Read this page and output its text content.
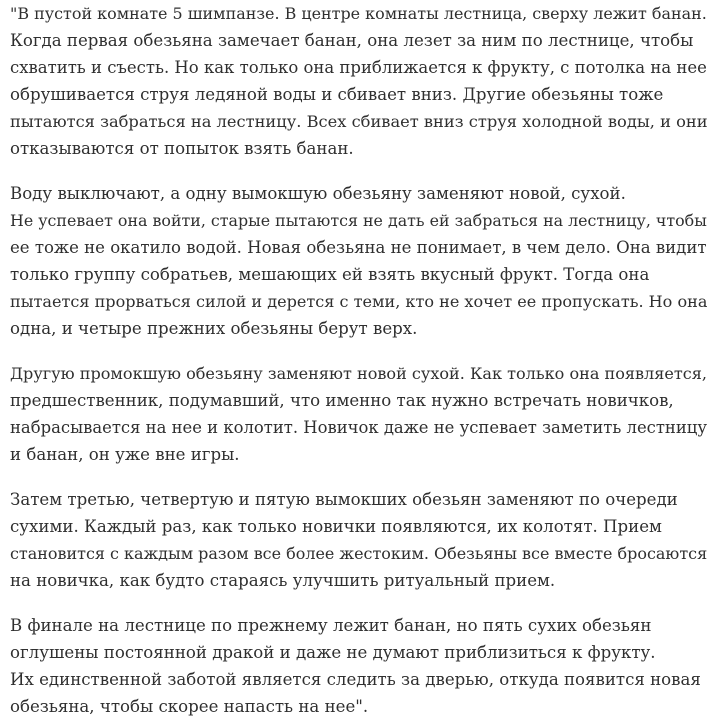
"В пустой комнате 5 шимпанзе. В центре комнаты лестница, сверху лежит банан.
Когда первая обезьяна замечает банан, она лезет за ним по лестнице, чтобы
схватить и съесть. Но как только она приближается к фрукту, с потолка на нее
обрушивается струя ледяной воды и сбивает вниз. Другие обезьяны тоже
пытаются забраться на лестницу. Всех сбивает вниз струя холодной воды, и они
отказываются от попыток взять банан.

Воду выключают, а одну вымокшую обезьяну заменяют новой, сухой.
Не успевает она войти, старые пытаются не дать ей забраться на лестницу, чтобы
ее тоже не окатило водой. Новая обезьяна не понимает, в чем дело. Она видит
только группу собратьев, мешающих ей взять вкусный фрукт. Тогда она
пытается прорваться силой и дерется с теми, кто не хочет ее пропускать. Но она
одна, и четыре прежних обезьяны берут верх.

Другую промокшую обезьяну заменяют новой сухой. Как только она появляется,
предшественник, подумавший, что именно так нужно встречать новичков,
набрасывается на нее и колотит. Новичок даже не успевает заметить лестницу
и банан, он уже вне игры.

Затем третью, четвертую и пятую вымокших обезьян заменяют по очереди
сухими. Каждый раз, как только новички появляются, их колотят. Прием
становится с каждым разом все более жестоким. Обезьяны все вместе бросаются
на новичка, как будто стараясь улучшить ритуальный прием.

В финале на лестнице по прежнему лежит банан, но пять сухих обезьян
оглушены постоянной дракой и даже не думают приблизиться к фрукту.
Их единственной заботой является следить за дверью, откуда появится новая
обезьяна, чтобы скорее напасть на нее".
